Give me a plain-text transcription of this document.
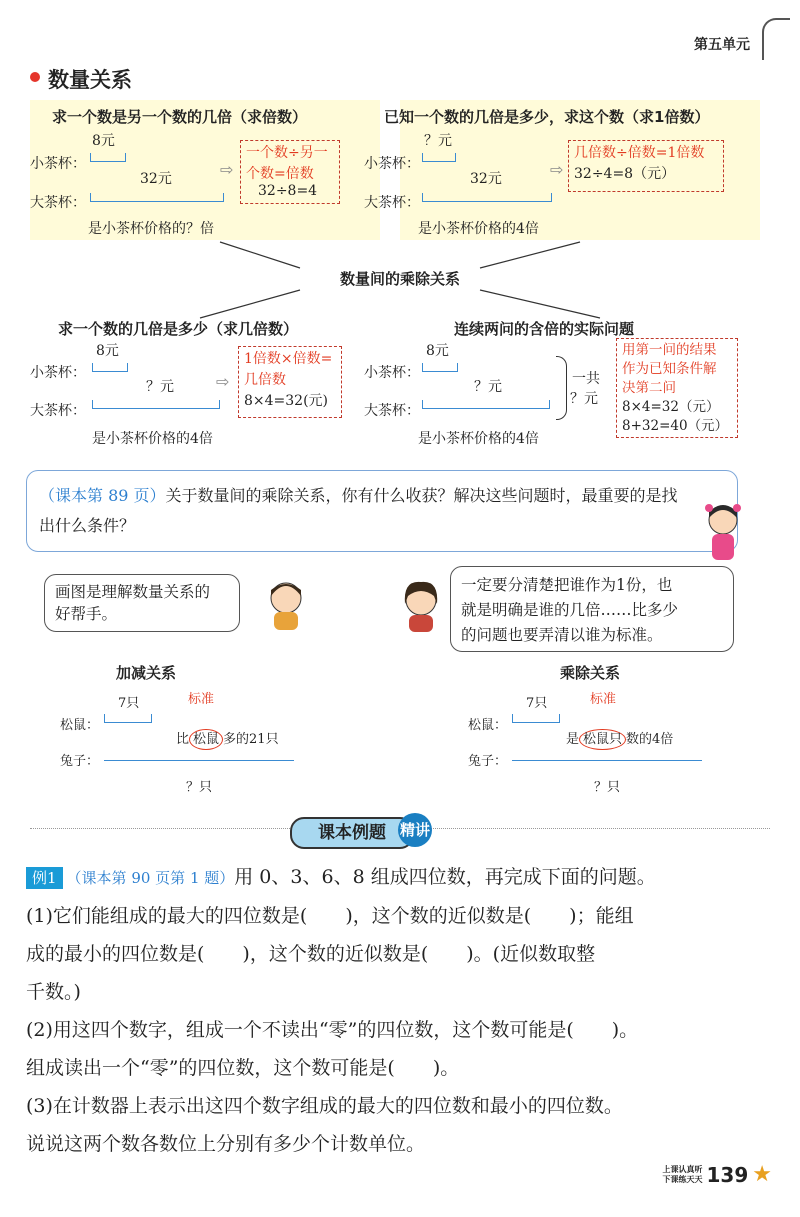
第五单元
数量关系
求一个数是另一个数的几倍（求倍数）
8元
小茶杯：
32元
大茶杯：
是小茶杯价格的？倍
⇨
一个数÷另一
个数=倍数
32÷8=4
已知一个数的几倍是多少，求这个数（求1倍数）
？元
小茶杯：
32元
大茶杯：
是小茶杯价格的4倍
⇨
几倍数÷倍数=1倍数
32÷4=8（元）
数量间的乘除关系
求一个数的几倍是多少（求几倍数）
8元
小茶杯：
？元
大茶杯：
是小茶杯价格的4倍
⇨
1倍数×倍数=
几倍数
8×4=32(元)
连续两问的含倍的实际问题
8元
小茶杯：
？元
大茶杯：
是小茶杯价格的4倍
一共
？元
用第一问的结果
作为已知条件解
决第二问
8×4=32（元）
8+32=40（元）
（课本第 89 页）关于数量间的乘除关系，你有什么收获？解决这些问题时，最重要的是找
出什么条件？
画图是理解数量关系的
好帮手。
一定要分清楚把谁作为1份，也
就是明确是谁的几倍……比多少
的问题也要弄清以谁为标准。
加减关系
7只
松鼠：
标准
比 松鼠 多的21只
兔子：
？只
乘除关系
7只
松鼠：
标准
是 松鼠只 数的4倍
兔子：
？只
课本例题 精讲
例1 （课本第 90 页第 1 题）用 0、3、6、8 组成四位数，再完成下面的问题。
(1)它们能组成的最大的四位数是(　　)，这个数的近似数是(　　)；能组
成的最小的四位数是(　　)，这个数的近似数是(　　)。(近似数取整
千数。)
(2)用这四个数字，组成一个不读出“零”的四位数，这个数可能是(　　)。
组成读出一个“零”的四位数，这个数可能是(　　)。
(3)在计数器上表示出这四个数字组成的最大的四位数和最小的四位数。
说说这两个数各数位上分别有多少个计数单位。
上课认真听
下课练天天 139 ★
